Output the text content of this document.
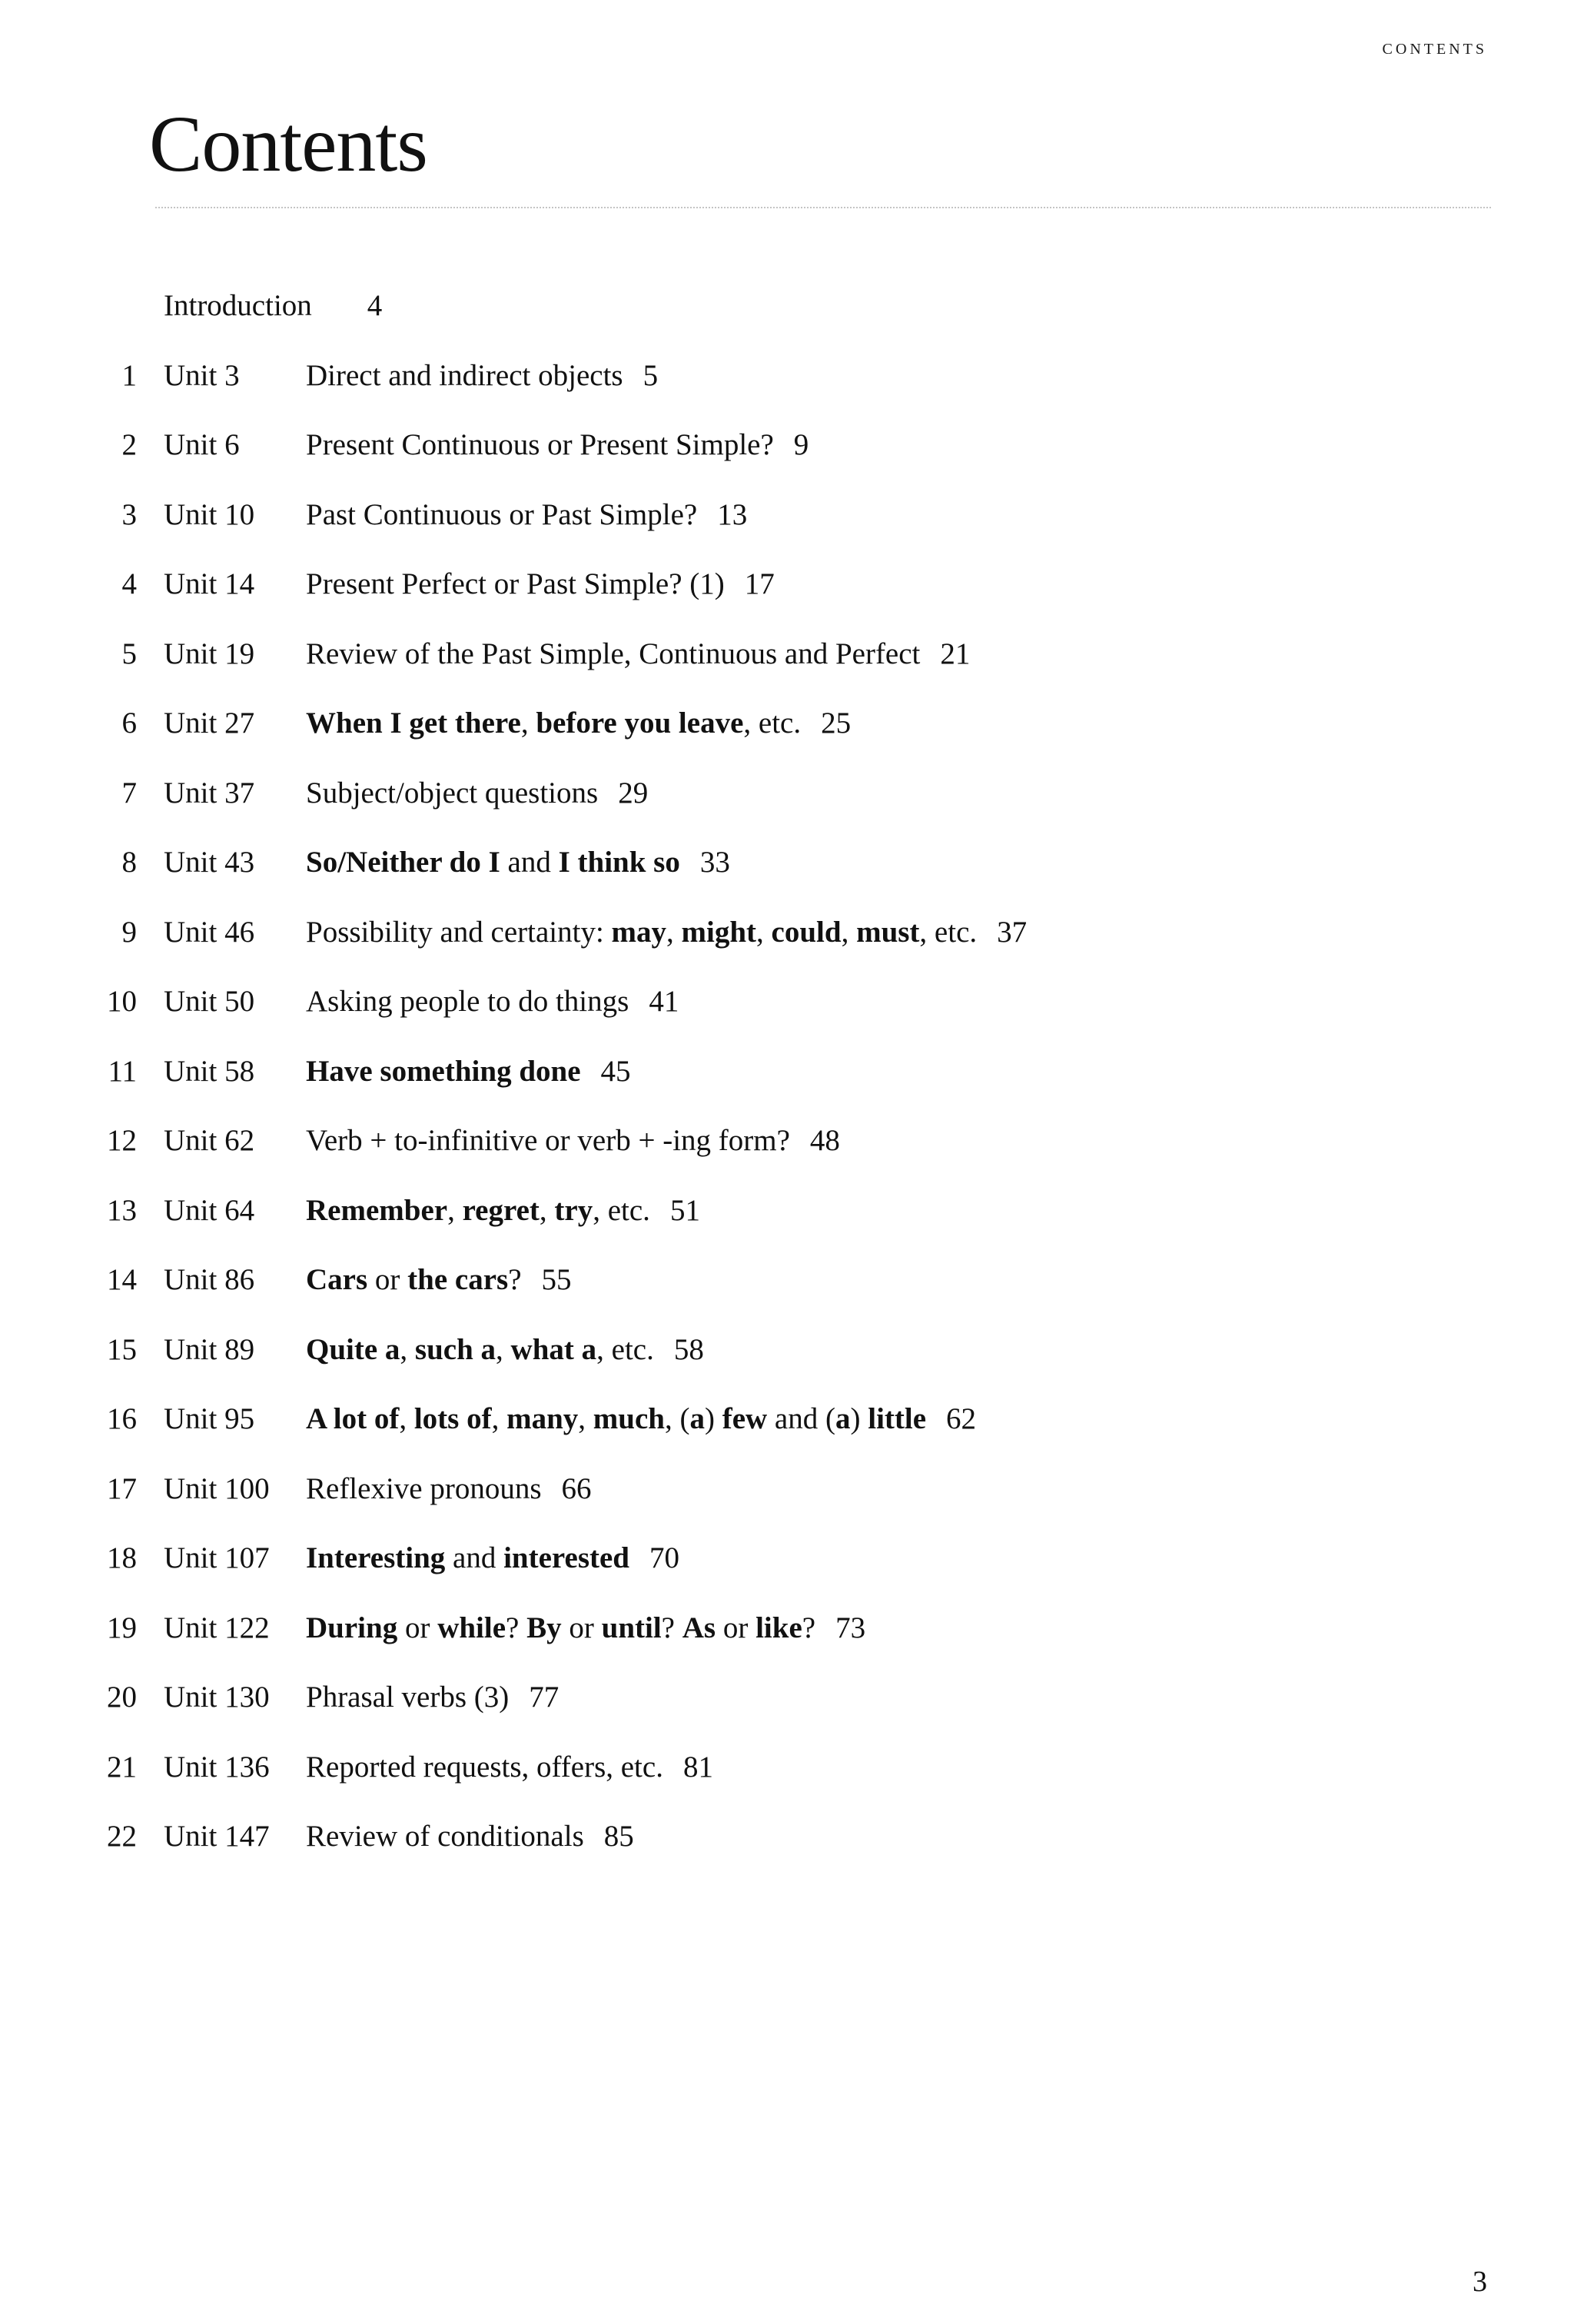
contents
Contents
Introduction 4
1 Unit 3 Direct and indirect objects 5
2 Unit 6 Present Continuous or Present Simple? 9
3 Unit 10 Past Continuous or Past Simple? 13
4 Unit 14 Present Perfect or Past Simple? (1) 17
5 Unit 19 Review of the Past Simple, Continuous and Perfect 21
6 Unit 27 When I get there, before you leave, etc. 25
7 Unit 37 Subject/object questions 29
8 Unit 43 So/Neither do I and I think so 33
9 Unit 46 Possibility and certainty: may, might, could, must, etc. 37
10 Unit 50 Asking people to do things 41
11 Unit 58 Have something done 45
12 Unit 62 Verb + to-infinitive or verb + -ing form? 48
13 Unit 64 Remember, regret, try, etc. 51
14 Unit 86 Cars or the cars? 55
15 Unit 89 Quite a, such a, what a, etc. 58
16 Unit 95 A lot of, lots of, many, much, (a) few and (a) little 62
17 Unit 100 Reflexive pronouns 66
18 Unit 107 Interesting and interested 70
19 Unit 122 During or while? By or until? As or like? 73
20 Unit 130 Phrasal verbs (3) 77
21 Unit 136 Reported requests, offers, etc. 81
22 Unit 147 Review of conditionals 85
3
